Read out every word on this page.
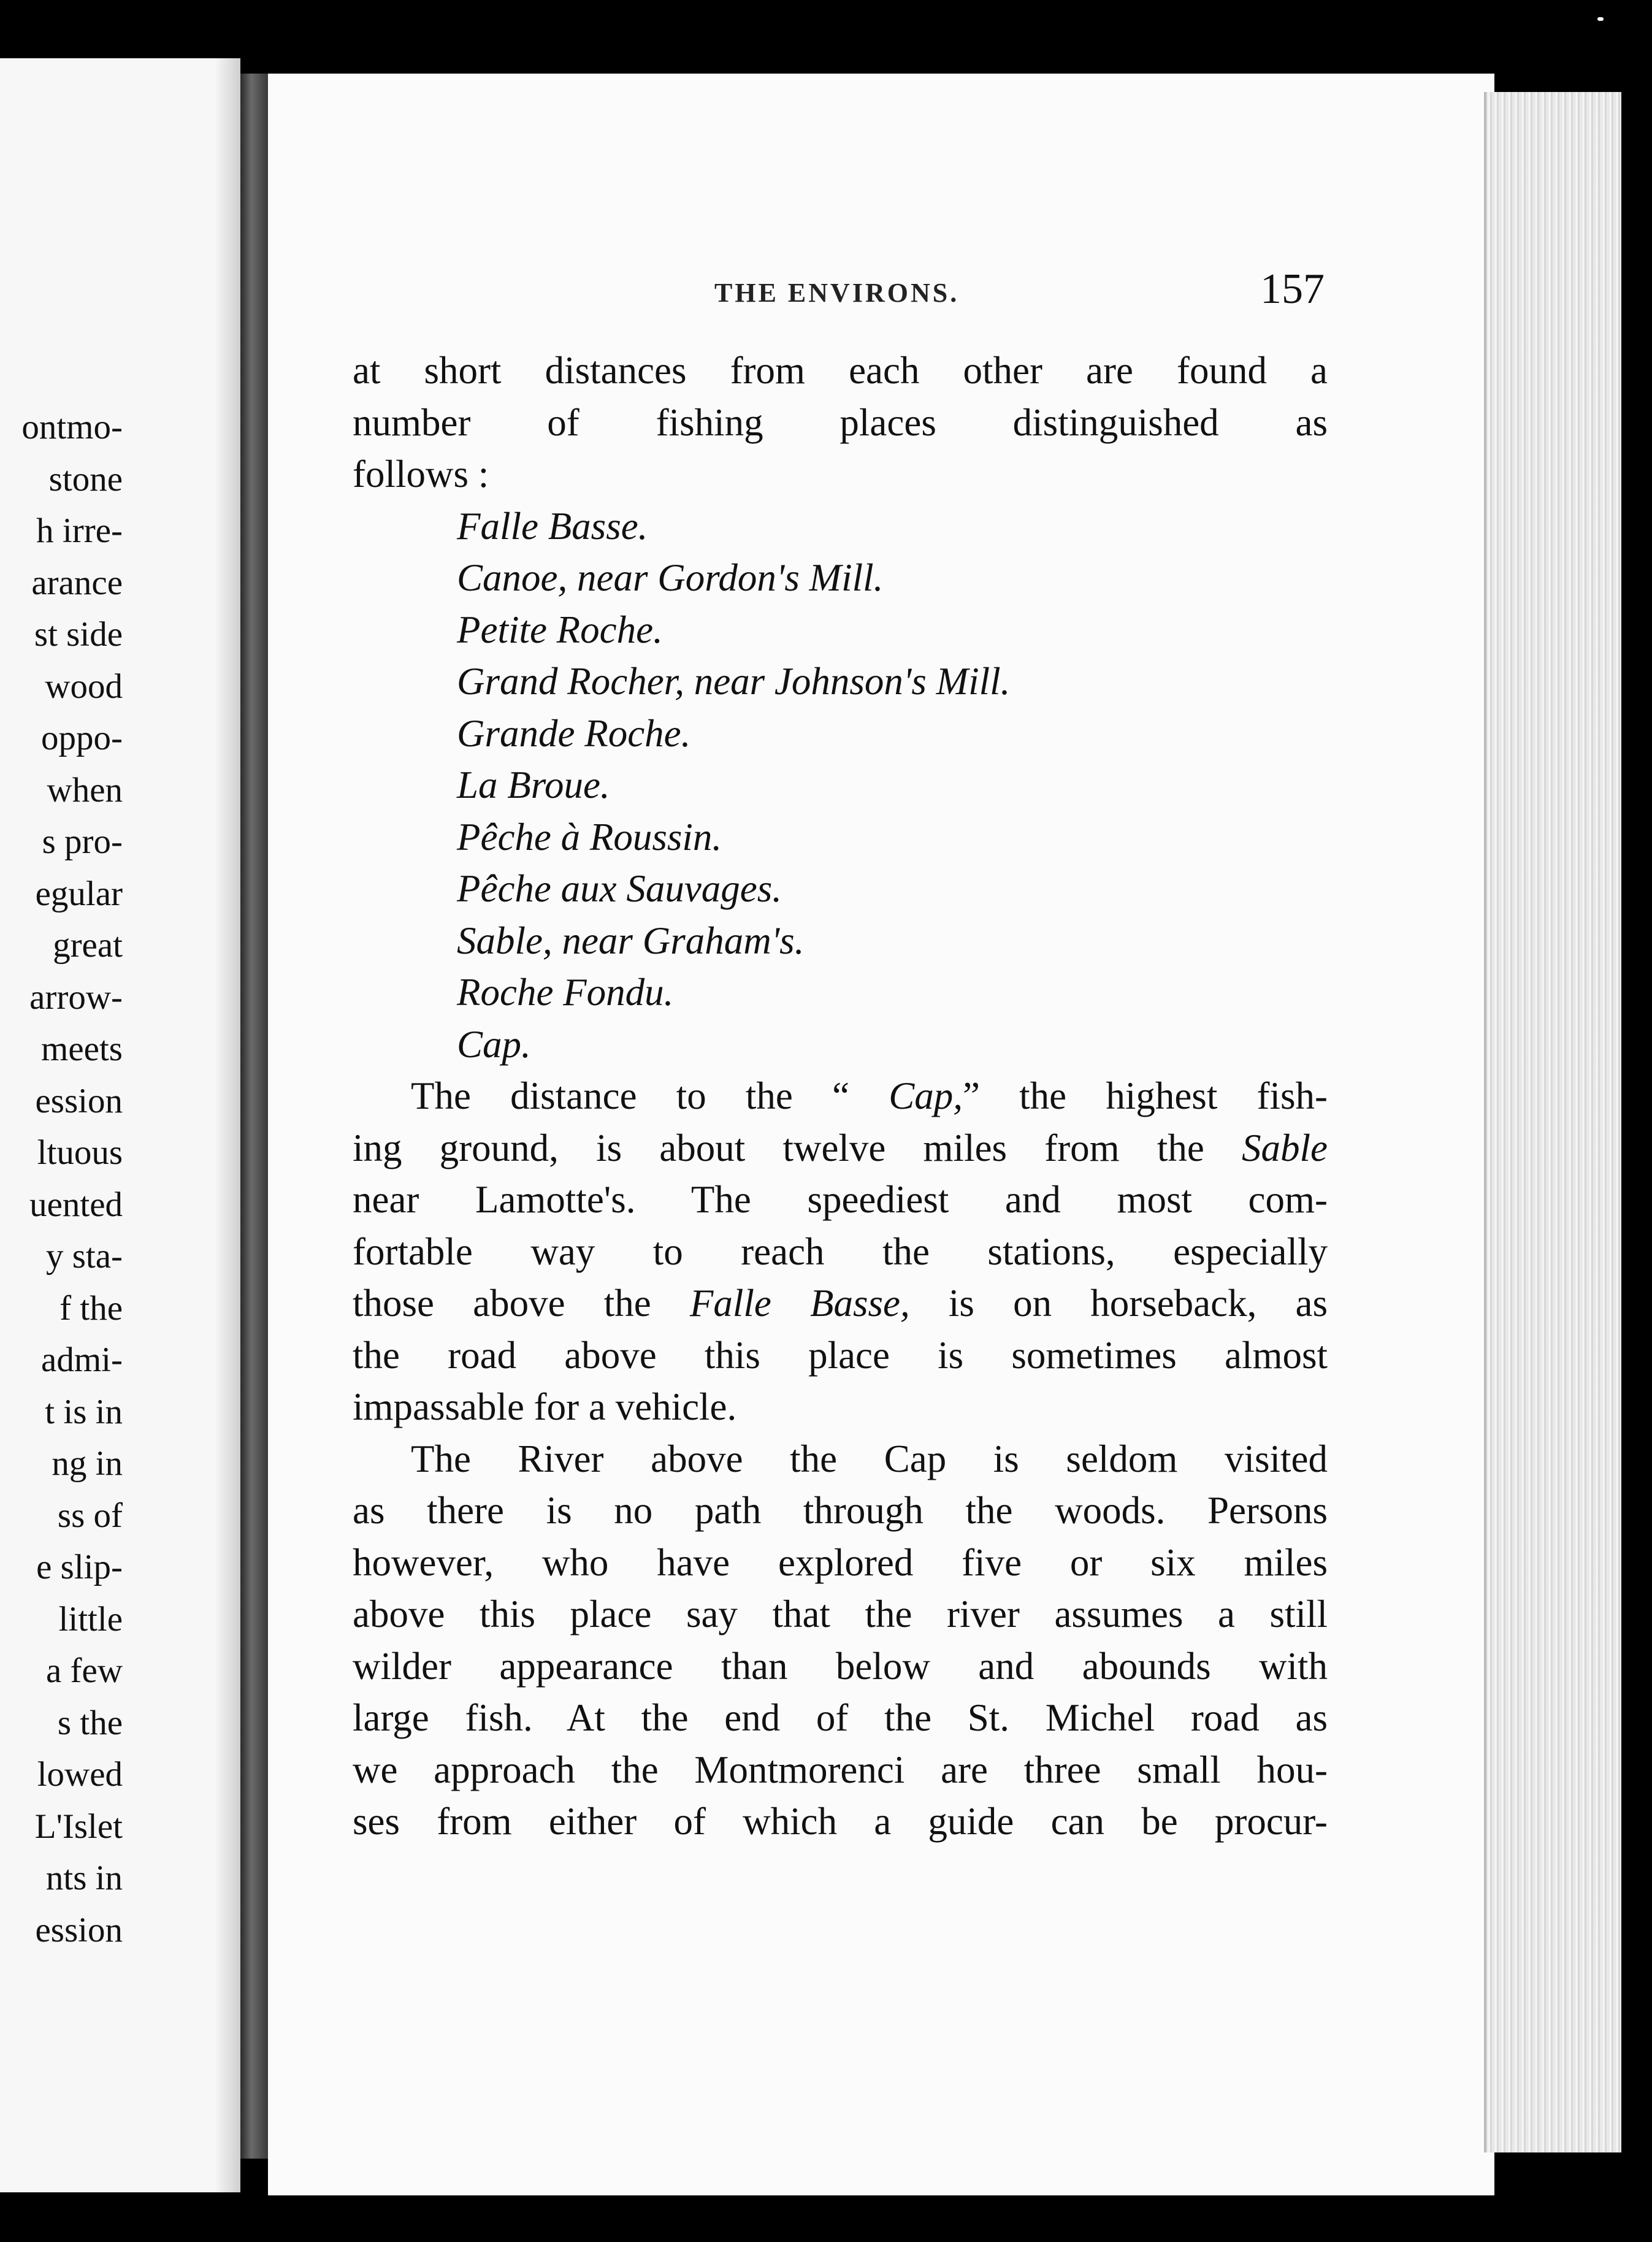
ontmo-
stone
h irre-
arance
st side
wood
oppo-
when
s pro-
egular
great
arrow-
meets
ession
ltuous
uented
y sta-
f the
admi-
t is in
ng in
ss of
e slip-
little
a few
s the
lowed
L'Islet
nts in
ession
THE ENVIRONS.	157
at short distances from each other are found a
number of fishing places distinguished as
follows :
Falle Basse.
Canoe, near Gordon's Mill.
Petite Roche.
Grand Rocher, near Johnson's Mill.
Grande Roche.
La Broue.
Pêche à Roussin.
Pêche aux Sauvages.
Sable, near Graham's.
Roche Fondu.
Cap.
The distance to the “ Cap,” the highest fish-
ing ground, is about twelve miles from the Sable
near Lamotte's. The speediest and most com-
fortable way to reach the stations, especially
those above the Falle Basse, is on horseback, as
the road above this place is sometimes almost
impassable for a vehicle.
The River above the Cap is seldom visited
as there is no path through the woods. Persons
however, who have explored five or six miles
above this place say that the river assumes a still
wilder appearance than below and abounds with
large fish. At the end of the St. Michel road as
we approach the Montmorenci are three small hou-
ses from either of which a guide can be procur-
